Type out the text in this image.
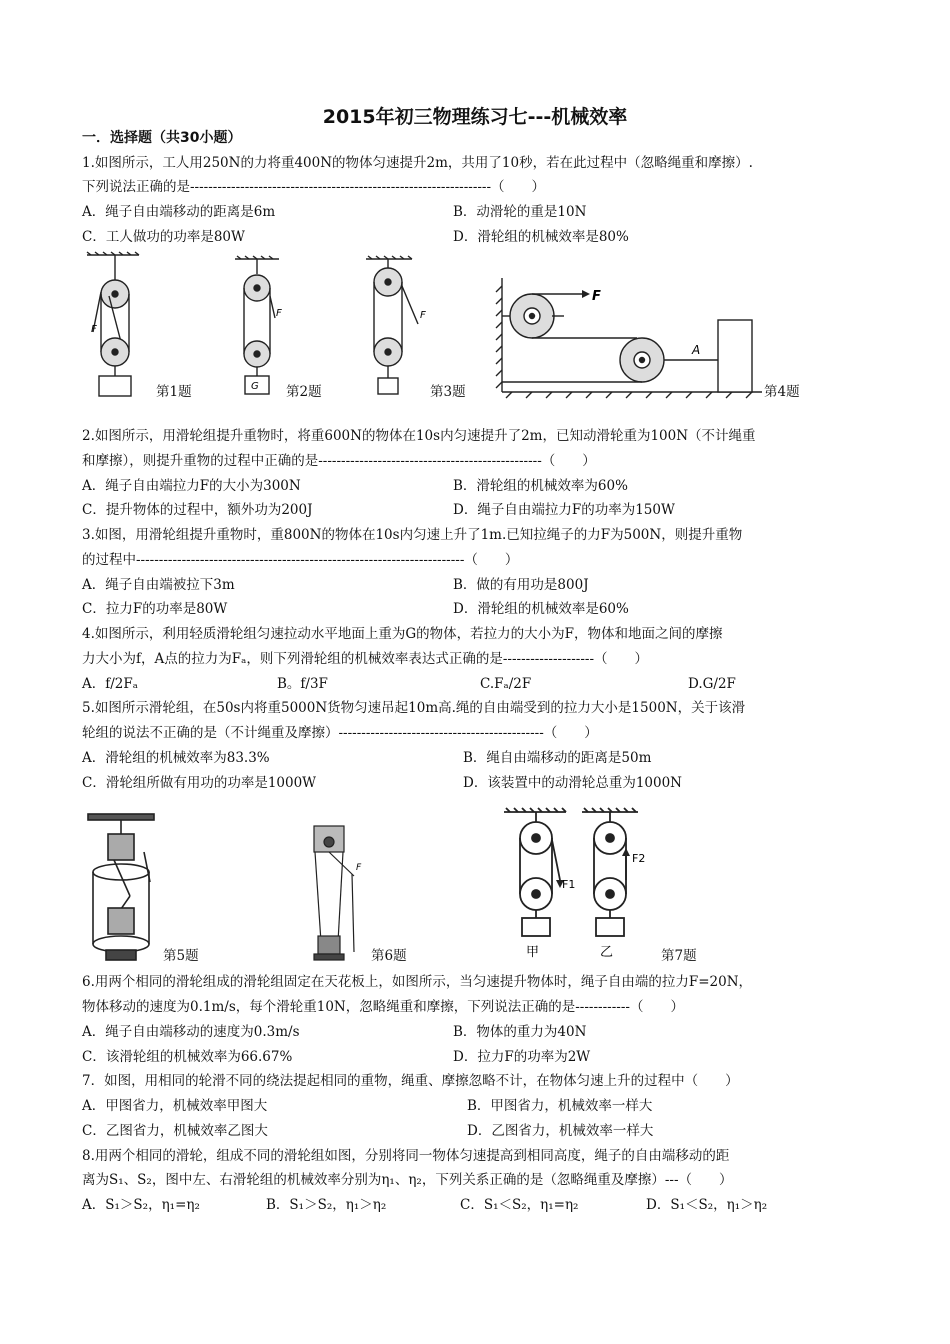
2015年初三物理练习七---机械效率
一．选择题（共30小题）
1.如图所示，工人用250N的力将重400N的物体匀速提升2m，共用了10秒，若在此过程中（忽略绳重和摩擦）.
下列说法正确的是------------------------------------------------------------------（　　）
A．绳子自由端移动的距离是6m	B．动滑轮的重是10N
C．工人做功的功率是80W	D．滑轮组的机械效率是80%
F
第1题
F
G 第2题
F
第3题
F
A
第4题
2.如图所示，用滑轮组提升重物时，将重600N的物体在10s内匀速提升了2m，已知动滑轮重为100N（不计绳重
和摩擦），则提升重物的过程中正确的是-------------------------------------------------（　　）
A．绳子自由端拉力F的大小为300N	B．滑轮组的机械效率为60%
C．提升物体的过程中，额外功为200J	D．绳子自由端拉力F的功率为150W
3.如图，用滑轮组提升重物时，重800N的物体在10s内匀速上升了1m.已知拉绳子的力F为500N，则提升重物
的过程中------------------------------------------------------------------------（　　）
A．绳子自由端被拉下3m	B．做的有用功是800J
C．拉力F的功率是80W	D．滑轮组的机械效率是60%
4.如图所示，利用轻质滑轮组匀速拉动水平地面上重为G的物体，若拉力的大小为F，物体和地面之间的摩擦
力大小为f，A点的拉力为Fₐ，则下列滑轮组的机械效率表达式正确的是--------------------（　　）
A．f/2Fₐ	B。f/3F	C.Fₐ/2F	D.G/2F
5.如图所示滑轮组，在50s内将重5000N货物匀速吊起10m高.绳的自由端受到的拉力大小是1500N，关于该滑
轮组的说法不正确的是（不计绳重及摩擦）---------------------------------------------（　　）
A．滑轮组的机械效率为83.3%	B．绳自由端移动的距离是50m
C．滑轮组所做有用功的功率是1000W	D．该装置中的动滑轮总重为1000N
第5题
F
第6题
F1
F2
甲	乙	第7题
6.用两个相同的滑轮组成的滑轮组固定在天花板上，如图所示，当匀速提升物体时，绳子自由端的拉力F=20N，
物体移动的速度为0.1m/s，每个滑轮重10N，忽略绳重和摩擦，下列说法正确的是------------（　　）
A．绳子自由端移动的速度为0.3m/s	B．物体的重力为40N
C．该滑轮组的机械效率为66.67%	D．拉力F的功率为2W
7．如图，用相同的轮滑不同的绕法提起相同的重物，绳重、摩擦忽略不计，在物体匀速上升的过程中（　　）
A．甲图省力，机械效率甲图大	B．甲图省力，机械效率一样大
C．乙图省力，机械效率乙图大	D．乙图省力，机械效率一样大
8.用两个相同的滑轮，组成不同的滑轮组如图，分别将同一物体匀速提高到相同高度，绳子的自由端移动的距
离为S₁、S₂，图中左、右滑轮组的机械效率分别为η₁、η₂，下列关系正确的是（忽略绳重及摩擦）---（　　）
A．S₁＞S₂，η₁=η₂	B．S₁＞S₂，η₁＞η₂	C．S₁＜S₂，η₁=η₂	D．S₁＜S₂，η₁＞η₂
